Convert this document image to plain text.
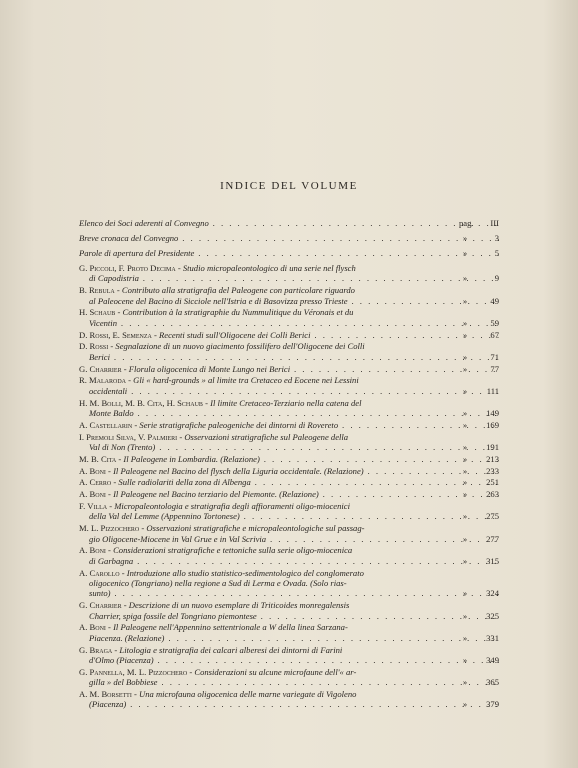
INDICE DEL VOLUME
Elenco dei Soci aderenti al Convegno . . .	pag.	III
Breve cronaca del Convegno . . .	»	3
Parole di apertura del Presidente . . .	»	5
G. Piccoli, F. Proto Decima - Studio micropaleontologico di una serie nel flysch
di Capodistria . . .	»	9
B. Rebula - Contributo alla stratigrafia del Paleogene con particolare riguardo
al Paleocene del Bacino di Sicciole nell'Istria e di Basovizza presso Trieste . . .	»	49
H. Schaub - Contribution à la stratigraphie du Nummulitique du Véronais et du
Vicentin . . .	»	59
D. Rossi, E. Semenza - Recenti studi sull'Oligocene dei Colli Berici . . .	»	67
D. Rossi - Segnalazione di un nuovo giacimento fossilifero dell'Oligocene dei Colli
Berici . . .	»	71
G. Charrier - Florula oligocenica di Monte Lungo nei Berici . . .	»	77
R. Malaroda - Gli « hard-grounds » al limite tra Cretaceo ed Eocene nei Lessini
occidentali . . .	»	111
H. M. Bolli, M. B. Cita, H. Schaub - Il limite Cretaceo-Terziario nella catena del
Monte Baldo . . .	»	149
A. Castellarin - Serie stratigrafiche paleogeniche dei dintorni di Rovereto . . .	»	169
I. Premoli Silva, V. Palmieri - Osservazioni stratigrafiche sul Paleogene della
Val di Non (Trento) . . .	»	191
M. B. Cita - Il Paleogene in Lombardia. (Relazione) . . .	»	213
A. Boni - Il Paleogene nel Bacino del flysch della Liguria occidentale. (Relazione) . . .	»	233
A. Cerro - Sulle radiolariti della zona di Albenga . . .	»	251
A. Boni - Il Paleogene nel Bacino terziario del Piemonte. (Relazione) . . .	»	263
F. Villa - Micropaleontologia e stratigrafia degli affioramenti oligo-miocenici
della Val del Lemme (Appennino Tortonese) . . .	»	275
M. L. Pizzochero - Osservazioni stratigrafiche e micropaleontologiche sul passag-
gio Oligocene-Miocene in Val Grue e in Val Scrivia . . .	»	277
A. Boni - Considerazioni stratigrafiche e tettoniche sulla serie oligo-miocenica
di Garbagna . . .	»	315
A. Carollo - Introduzione allo studio statistico-sedimentologico del conglomerato
oligocenico (Tongriano) nella regione a Sud di Lerma e Ovada. (Solo rias-
sunto) . . .	»	324
G. Charrier - Descrizione di un nuovo esemplare di Triticoides monregalensis
Charrier, spiga fossile del Tongriano piemontese . . .	»	325
A. Boni - Il Paleogene nell'Appennino settentrionale a W della linea Sarzana-
Piacenza. (Relazione) . . .	»	331
G. Braga - Litologia e stratigrafia dei calcari alberesi dei dintorni di Farini
d'Olmo (Piacenza) . . .	»	349
G. Pannella, M. L. Pizzochero - Considerazioni su alcune microfaune dell'« ar-
gilla » del Bobbiese . . .	»	365
A. M. Borsetti - Una microfauna oligocenica delle marne variegate di Vigoleno
(Piacenza) . . .	»	379
